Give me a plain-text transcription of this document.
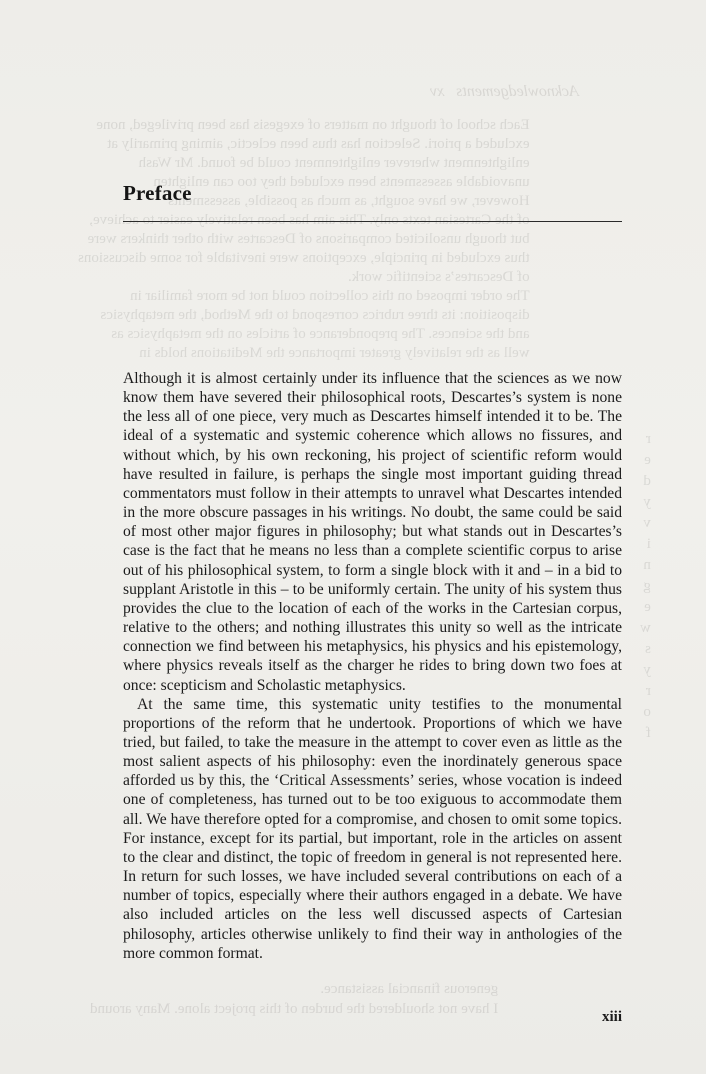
Acknowledgements   xv
Each school of thought on matters of exegesis has been privileged, none
excluded a priori. Selection has thus been eclectic, aiming primarily at
enlightenment wherever enlightenment could be found. Mr Wash
unavoidable assessments been excluded they too can enlighten
However, we have sought, as much as possible, assessments
of the Cartesian texts only. This aim has been relatively easier to achieve,
but though unsolicited comparisons of Descartes with other thinkers were
thus excluded in principle, exceptions were inevitable for some discussions
of Descartes’s scientific work.
The order imposed on this collection could not be more familiar in
disposition: its three rubrics correspond to the Method, the metaphysics
and the sciences. The preponderance of articles on the metaphysics as
well as the relatively greater importance the Meditations holds in
r
e
d
y
v
i
n
g
e
w
s
y
r
o
f
generous financial assistance.
I have not shouldered the burden of this project alone. Many around
Preface

Although it is almost certainly under its influence that the sciences as we now know them have severed their philosophical roots, Descartes’s system is none the less all of one piece, very much as Descartes himself intended it to be. The ideal of a systematic and systemic coherence which allows no fissures, and without which, by his own reckoning, his project of scientific reform would have resulted in failure, is perhaps the single most important guiding thread commentators must follow in their attempts to unravel what Descartes intended in the more obscure passages in his writings. No doubt, the same could be said of most other major figures in philosophy; but what stands out in Descartes’s case is the fact that he means no less than a complete scientific corpus to arise out of his philosophical system, to form a single block with it and – in a bid to supplant Aristotle in this – to be uniformly certain. The unity of his system thus provides the clue to the location of each of the works in the Cartesian corpus, relative to the others; and nothing illustrates this unity so well as the intricate connection we find between his metaphysics, his physics and his epistemology, where physics reveals itself as the charger he rides to bring down two foes at once: scepticism and Scholastic metaphysics.

At the same time, this systematic unity testifies to the monumental proportions of the reform that he undertook. Proportions of which we have tried, but failed, to take the measure in the attempt to cover even as little as the most salient aspects of his philosophy: even the inordinately generous space afforded us by this, the ‘Critical Assessments’ series, whose vocation is indeed one of completeness, has turned out to be too exiguous to accommodate them all. We have therefore opted for a compromise, and chosen to omit some topics. For instance, except for its partial, but important, role in the articles on assent to the clear and distinct, the topic of freedom in general is not represented here. In return for such losses, we have included several contributions on each of a number of topics, especially where their authors engaged in a debate. We have also included articles on the less well discussed aspects of Cartesian philosophy, articles otherwise unlikely to find their way in anthologies of the more common format.

xiii
